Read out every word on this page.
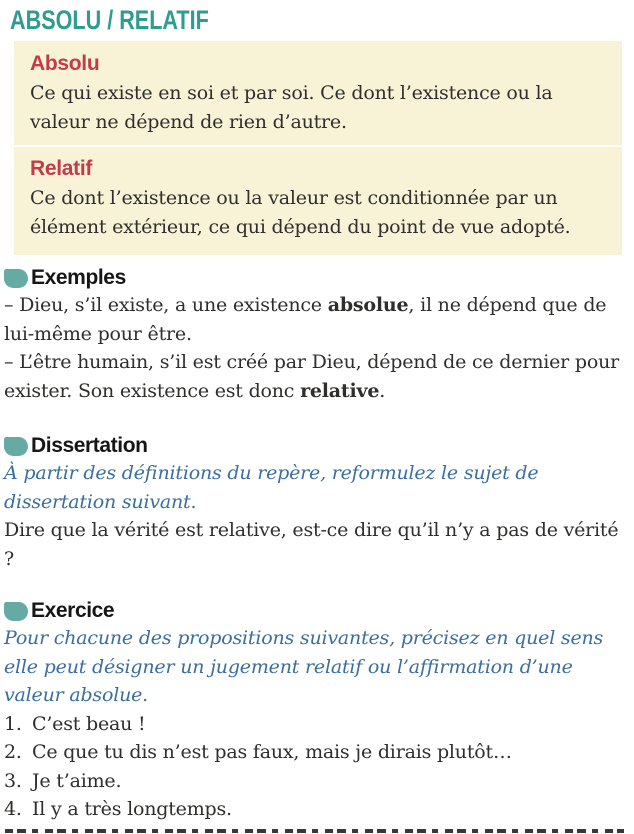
ABSOLU / RELATIF
Absolu
Ce qui existe en soi et par soi. Ce dont l’existence ou la valeur ne dépend de rien d’autre.
Relatif
Ce dont l’existence ou la valeur est conditionnée par un élément extérieur, ce qui dépend du point de vue adopté.
Exemples
– Dieu, s’il existe, a une existence absolue, il ne dépend que de lui-même pour être.
– L’être humain, s’il est créé par Dieu, dépend de ce dernier pour exister. Son existence est donc relative.
Dissertation
À partir des définitions du repère, reformulez le sujet de dissertation suivant.
Dire que la vérité est relative, est-ce dire qu’il n’y a pas de vérité ?
Exercice
Pour chacune des propositions suivantes, précisez en quel sens elle peut désigner un jugement relatif ou l’affirmation d’une valeur absolue.
1. C’est beau !
2. Ce que tu dis n’est pas faux, mais je dirais plutôt…
3. Je t’aime.
4. Il y a très longtemps.
